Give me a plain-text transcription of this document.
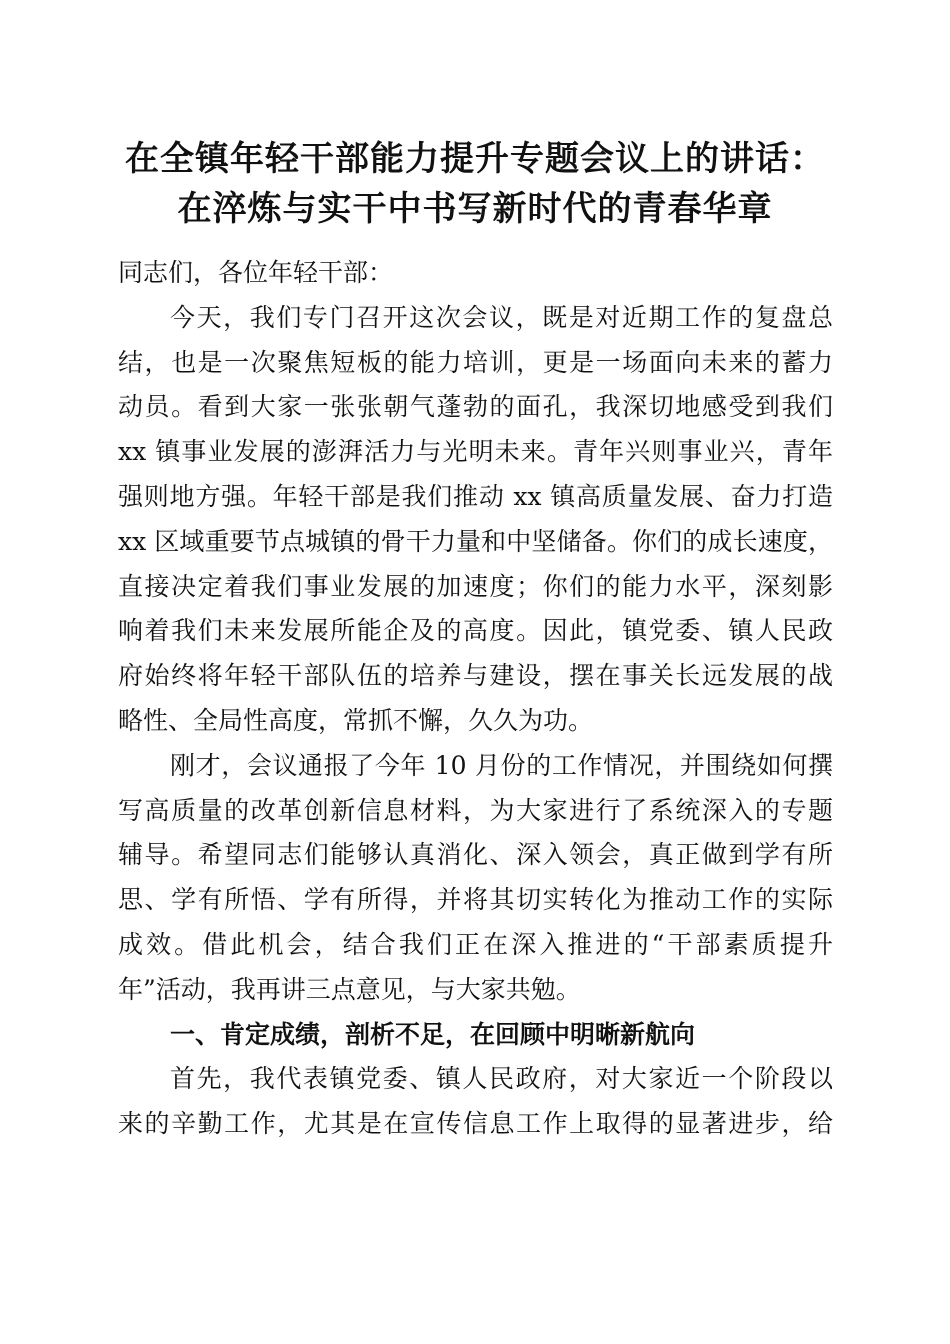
在全镇年轻干部能力提升专题会议上的讲话：
在淬炼与实干中书写新时代的青春华章
同志们，各位年轻干部：
今天，我们专门召开这次会议，既是对近期工作的复盘总
结，也是一次聚焦短板的能力培训，更是一场面向未来的蓄力
动员。看到大家一张张朝气蓬勃的面孔，我深切地感受到我们
xx 镇事业发展的澎湃活力与光明未来。青年兴则事业兴，青年
强则地方强。年轻干部是我们推动 xx 镇高质量发展、奋力打造
xx 区域重要节点城镇的骨干力量和中坚储备。你们的成长速度，
直接决定着我们事业发展的加速度；你们的能力水平，深刻影
响着我们未来发展所能企及的高度。因此，镇党委、镇人民政
府始终将年轻干部队伍的培养与建设，摆在事关长远发展的战
略性、全局性高度，常抓不懈，久久为功。
刚才，会议通报了今年 10 月份的工作情况，并围绕如何撰
写高质量的改革创新信息材料，为大家进行了系统深入的专题
辅导。希望同志们能够认真消化、深入领会，真正做到学有所
思、学有所悟、学有所得，并将其切实转化为推动工作的实际
成效。借此机会，结合我们正在深入推进的“干部素质提升
年”活动，我再讲三点意见，与大家共勉。
一、肯定成绩，剖析不足，在回顾中明晰新航向
首先，我代表镇党委、镇人民政府，对大家近一个阶段以
来的辛勤工作，尤其是在宣传信息工作上取得的显著进步，给
